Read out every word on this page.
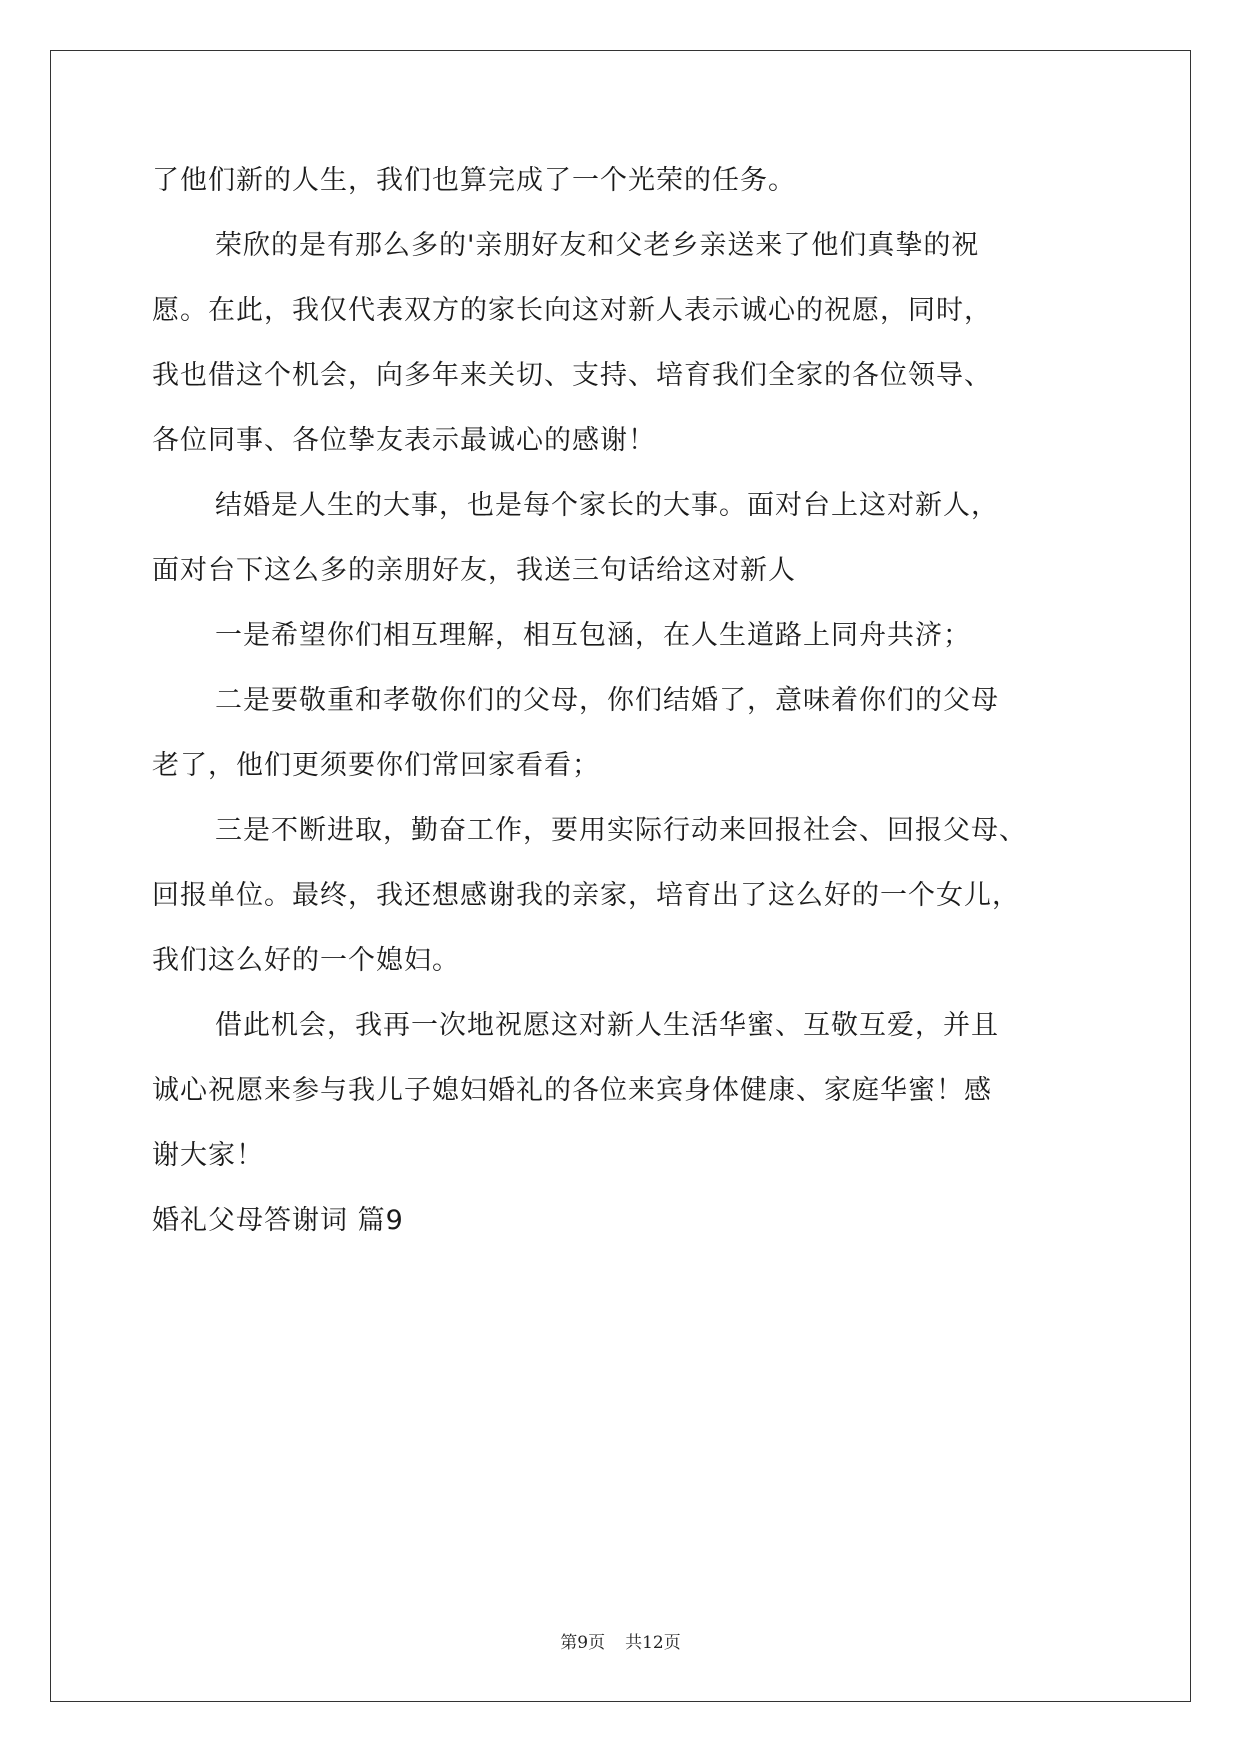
了他们新的人生，我们也算完成了一个光荣的任务。
荣欣的是有那么多的'亲朋好友和父老乡亲送来了他们真挚的祝
愿。在此，我仅代表双方的家长向这对新人表示诚心的祝愿，同时，
我也借这个机会，向多年来关切、支持、培育我们全家的各位领导、
各位同事、各位挚友表示最诚心的感谢！
结婚是人生的大事，也是每个家长的大事。面对台上这对新人，
面对台下这么多的亲朋好友，我送三句话给这对新人
一是希望你们相互理解，相互包涵，在人生道路上同舟共济；
二是要敬重和孝敬你们的父母，你们结婚了，意味着你们的父母
老了，他们更须要你们常回家看看；
三是不断进取，勤奋工作，要用实际行动来回报社会、回报父母、
回报单位。最终，我还想感谢我的亲家，培育出了这么好的一个女儿，
我们这么好的一个媳妇。
借此机会，我再一次地祝愿这对新人生活华蜜、互敬互爱，并且
诚心祝愿来参与我儿子媳妇婚礼的各位来宾身体健康、家庭华蜜！感
谢大家！
婚礼父母答谢词 篇9
第9页 共12页
